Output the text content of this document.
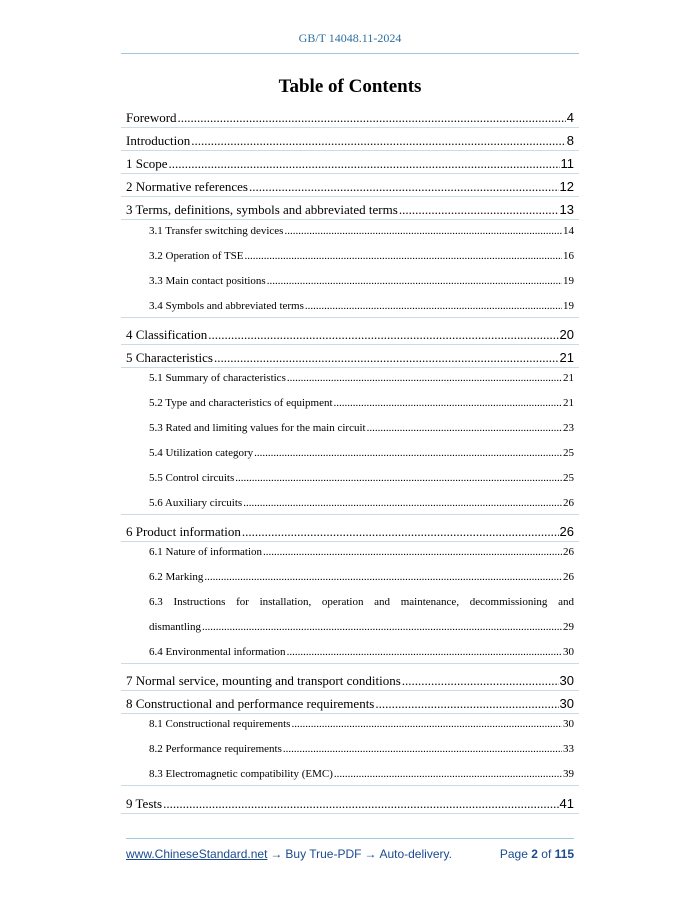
GB/T 14048.11-2024
Table of Contents
Foreword .....	4
Introduction .....	8
1 Scope .....	11
2 Normative references .....	12
3 Terms, definitions, symbols and abbreviated terms .....	13
3.1 Transfer switching devices .....	14
3.2 Operation of TSE .....	16
3.3 Main contact positions .....	19
3.4 Symbols and abbreviated terms .....	19
4 Classification .....	20
5 Characteristics .....	21
5.1 Summary of characteristics .....	21
5.2 Type and characteristics of equipment .....	21
5.3 Rated and limiting values for the main circuit .....	23
5.4 Utilization category .....	25
5.5 Control circuits .....	25
5.6 Auxiliary circuits .....	26
6 Product information .....	26
6.1 Nature of information .....	26
6.2 Marking .....	26
6.3 Instructions for installation, operation and maintenance, decommissioning and
dismantling .....	29
6.4 Environmental information .....	30
7 Normal service, mounting and transport conditions .....	30
8 Constructional and performance requirements .....	30
8.1 Constructional requirements .....	30
8.2 Performance requirements .....	33
8.3 Electromagnetic compatibility (EMC) .....	39
9 Tests .....	41
www.ChineseStandard.net → Buy True-PDF → Auto-delivery.	Page 2 of 115
